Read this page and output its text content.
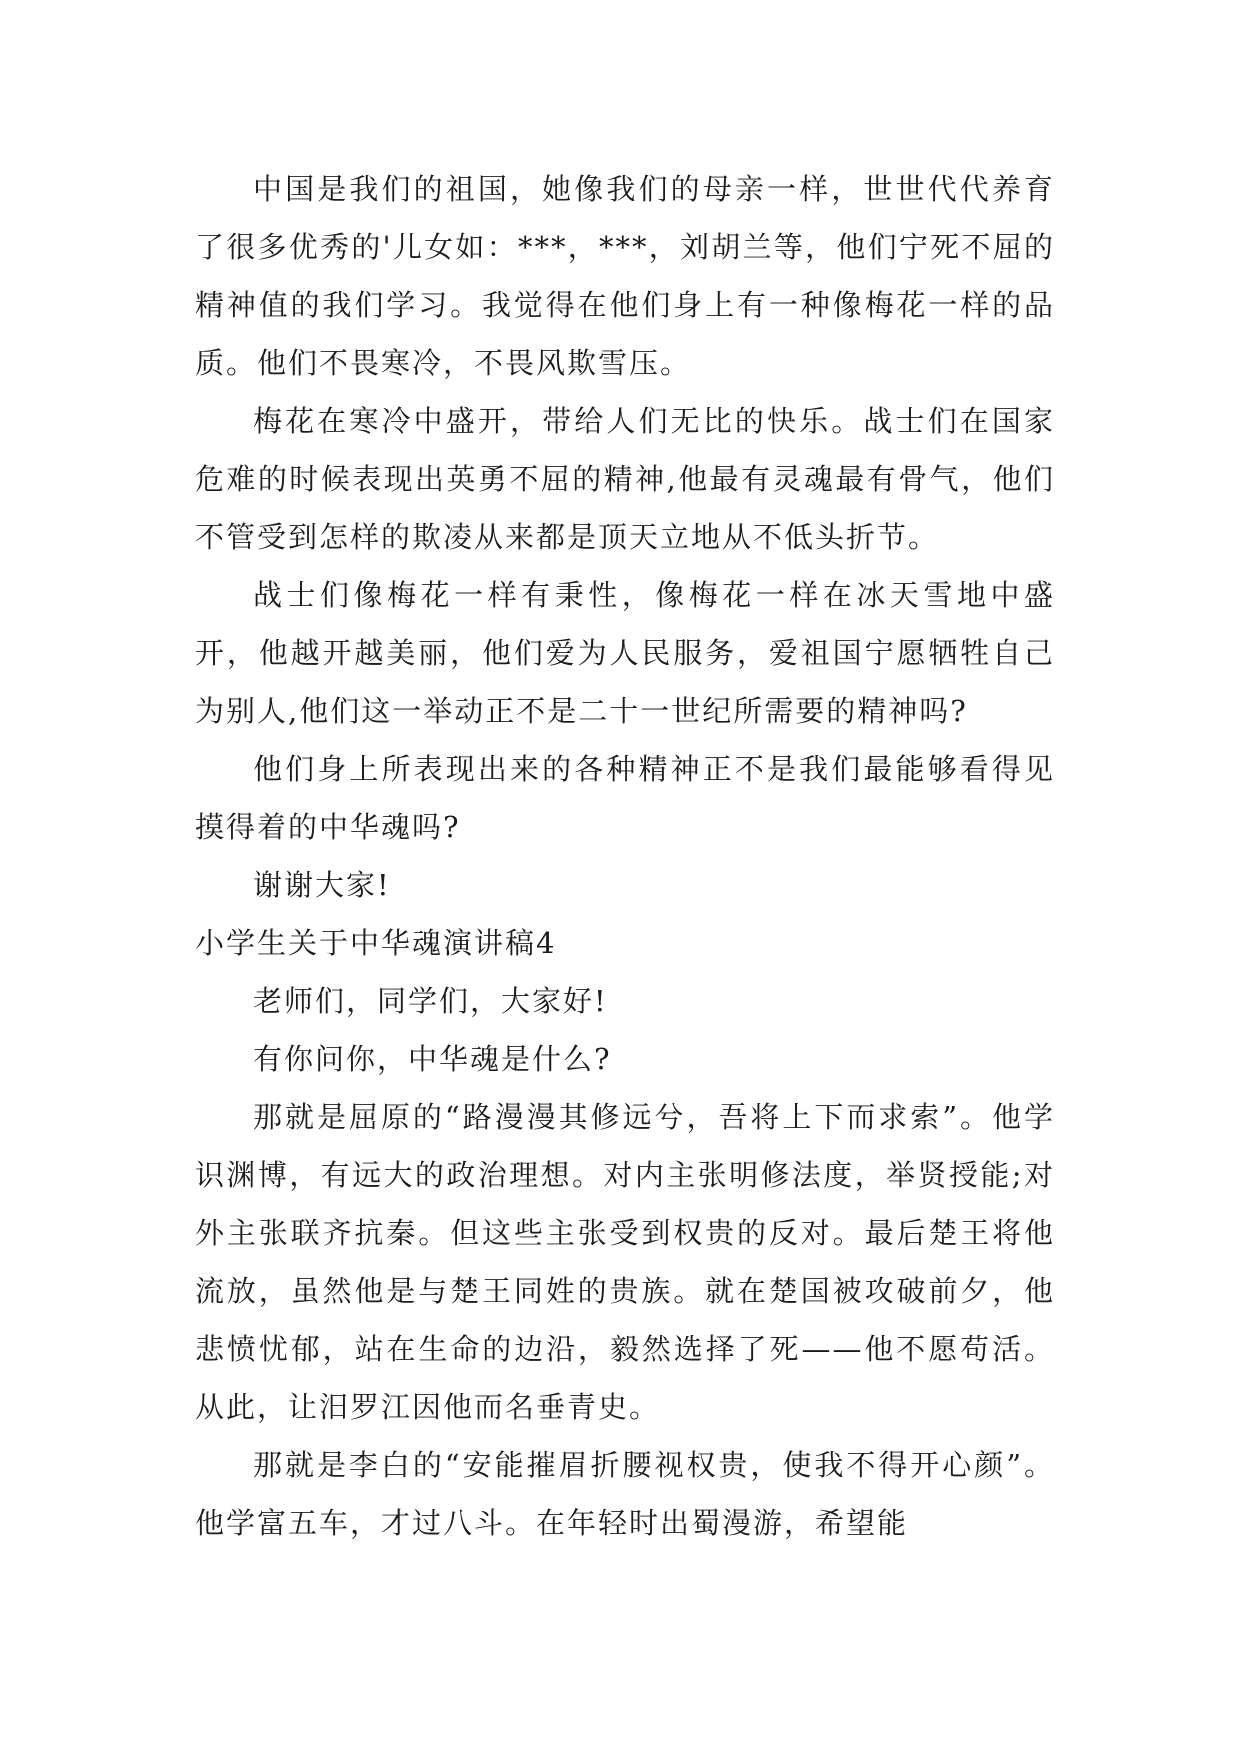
中国是我们的祖国，她像我们的母亲一样，世世代代养育了很多优秀的'儿女如：***，***，刘胡兰等，他们宁死不屈的精神值的我们学习。我觉得在他们身上有一种像梅花一样的品质。他们不畏寒冷，不畏风欺雪压。

梅花在寒冷中盛开，带给人们无比的快乐。战士们在国家危难的时候表现出英勇不屈的精神,他最有灵魂最有骨气，他们不管受到怎样的欺凌从来都是顶天立地从不低头折节。

战士们像梅花一样有秉性，像梅花一样在冰天雪地中盛开，他越开越美丽，他们爱为人民服务，爱祖国宁愿牺牲自己为别人,他们这一举动正不是二十一世纪所需要的精神吗?

他们身上所表现出来的各种精神正不是我们最能够看得见摸得着的中华魂吗?

谢谢大家!

小学生关于中华魂演讲稿4

老师们，同学们，大家好!

有你问你，中华魂是什么?

那就是屈原的“路漫漫其修远兮，吾将上下而求索”。他学识渊博，有远大的政治理想。对内主张明修法度，举贤授能;对外主张联齐抗秦。但这些主张受到权贵的反对。最后楚王将他流放，虽然他是与楚王同姓的贵族。就在楚国被攻破前夕，他悲愤忧郁，站在生命的边沿，毅然选择了死——他不愿苟活。从此，让汨罗江因他而名垂青史。

那就是李白的“安能摧眉折腰视权贵，使我不得开心颜”。他学富五车，才过八斗。在年轻时出蜀漫游，希望能
